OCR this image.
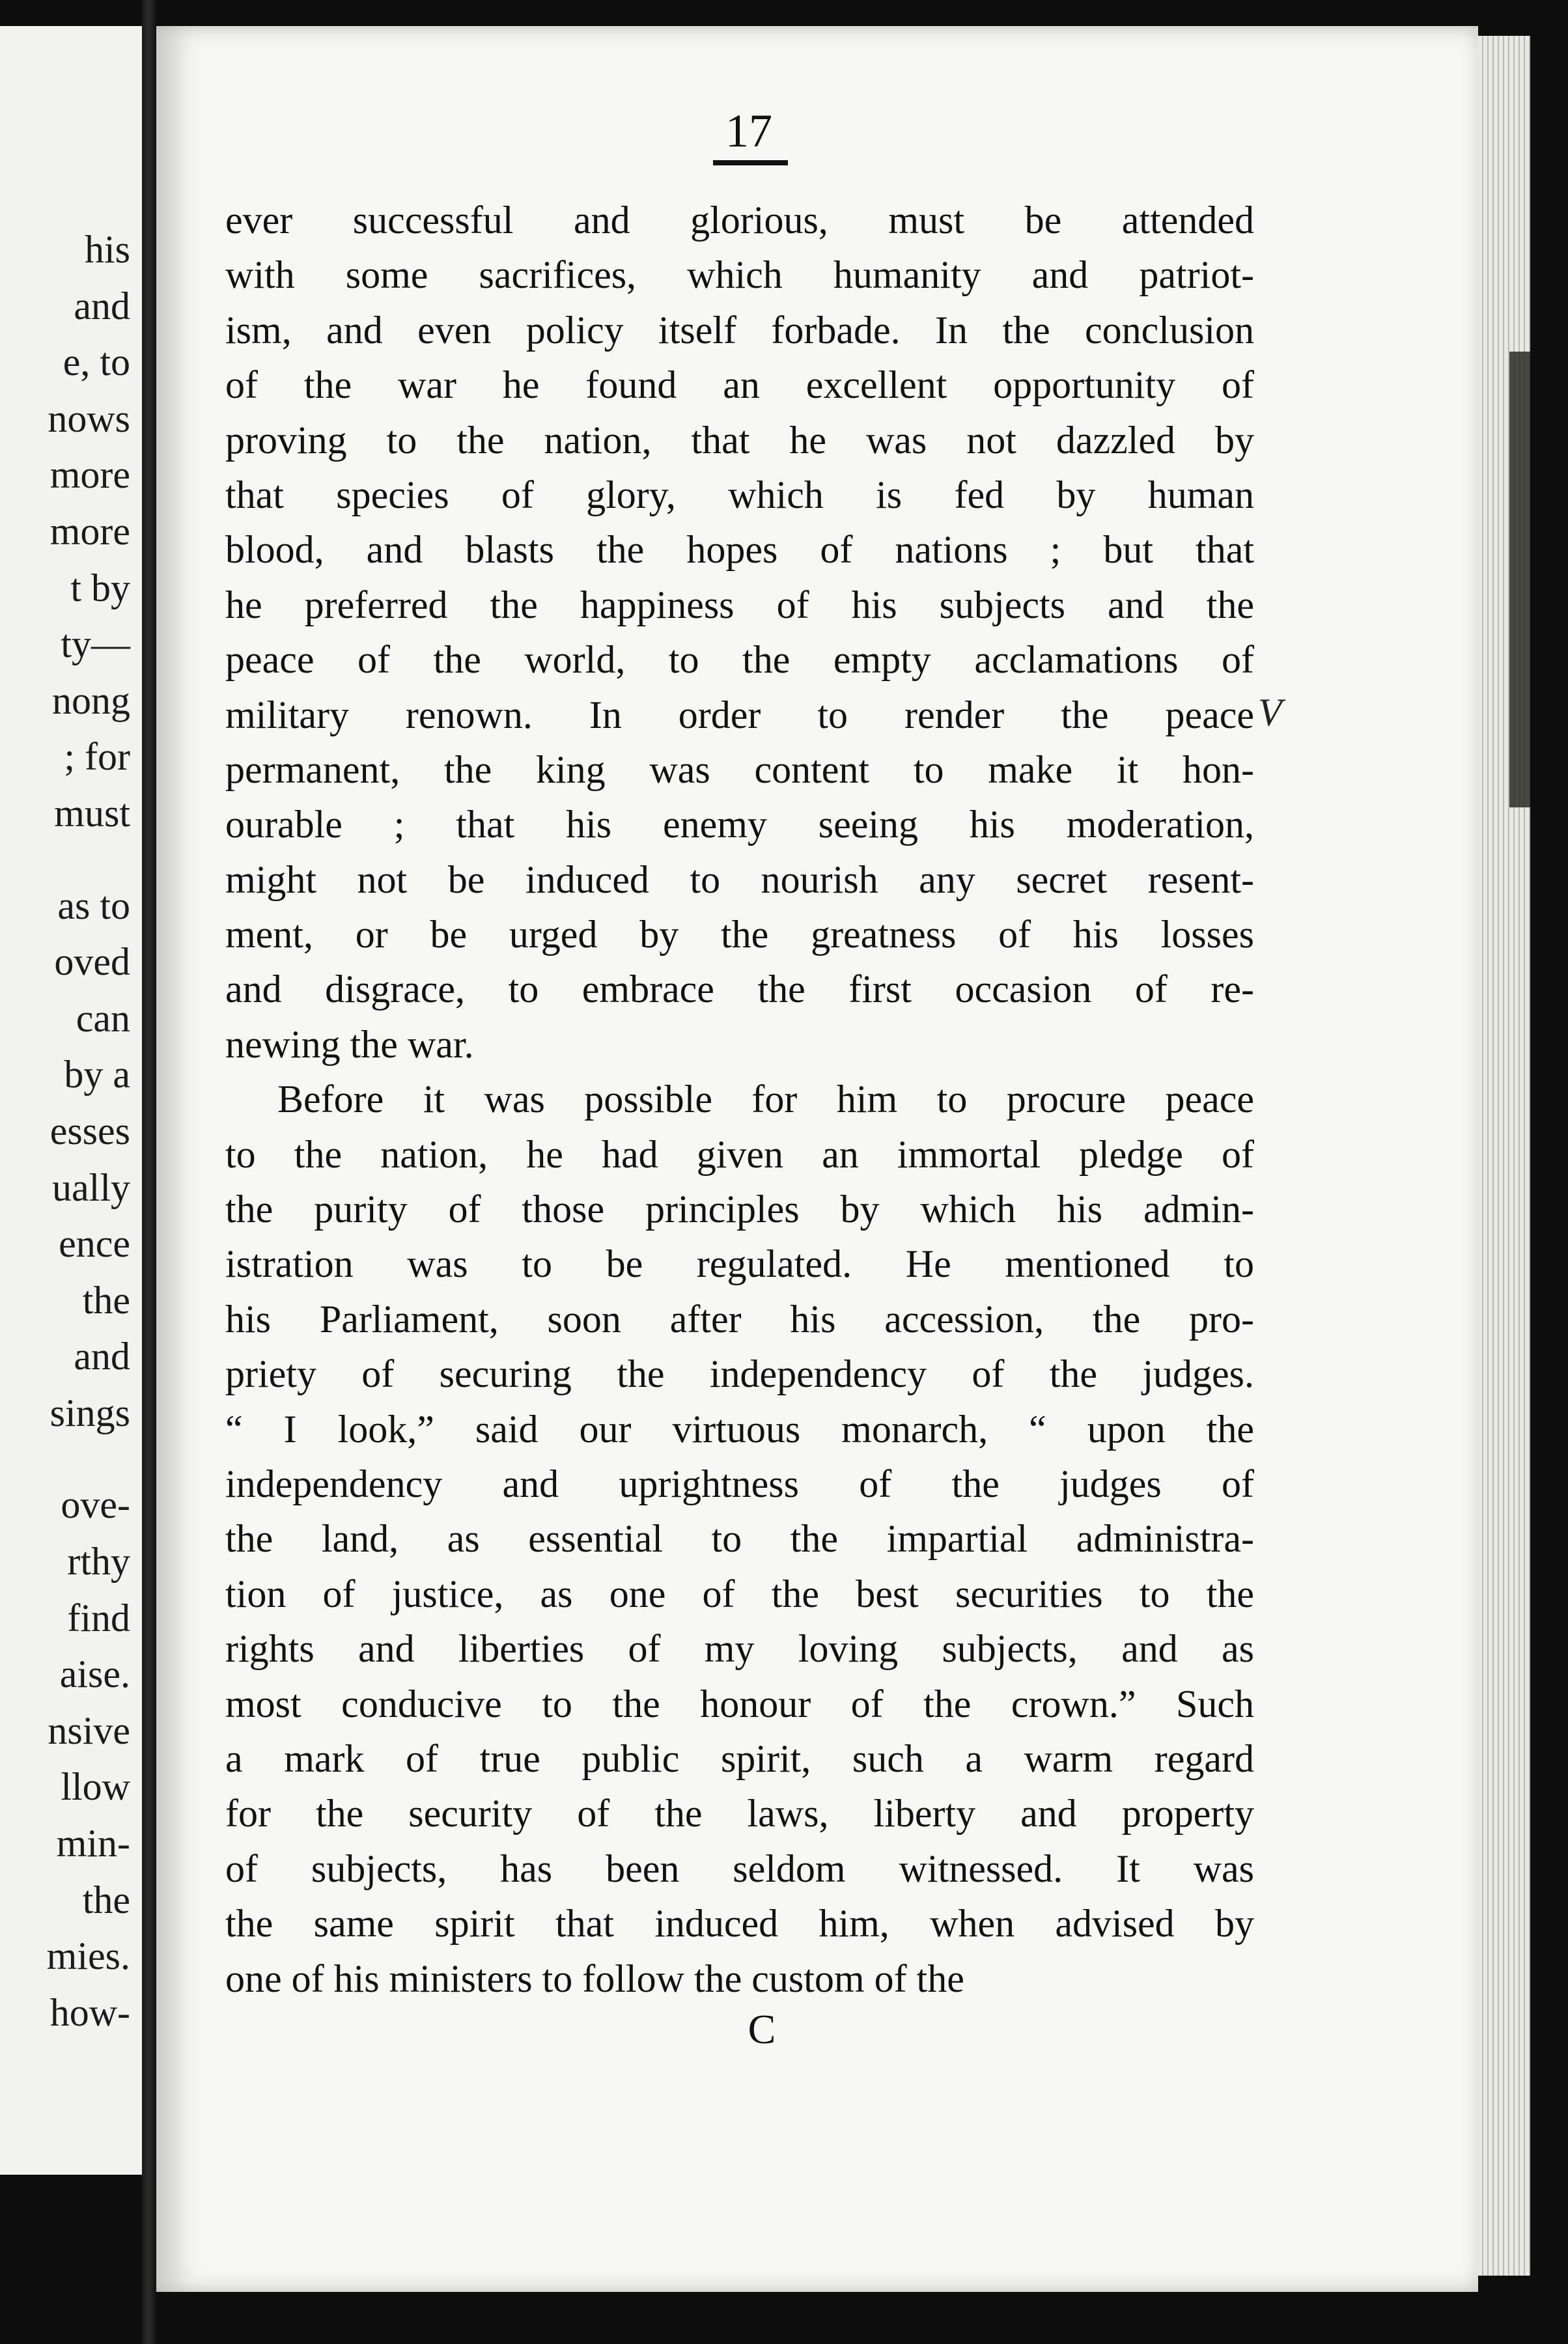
his
and
e, to
nows
more
more
t by
ty—
nong
; for
must
as to
oved
can
by a
esses
ually
ence
the
and
sings
ove-
rthy
find
aise.
nsive
llow
min-
the
mies.
how-
17
ever successful and glorious, must be attended
with some sacrifices, which humanity and patriot-
ism, and even policy itself forbade. In the conclusion
of the war he found an excellent opportunity of
proving to the nation, that he was not dazzled by
that species of glory, which is fed by human
blood, and blasts the hopes of nations ; but that
he preferred the happiness of his subjects and the
peace of the world, to the empty acclamations of
military renown. In order to render the peace
permanent, the king was content to make it hon-
ourable ; that his enemy seeing his moderation,
might not be induced to nourish any secret resent-
ment, or be urged by the greatness of his losses
and disgrace, to embrace the first occasion of re-
newing the war.
Before it was possible for him to procure peace
to the nation, he had given an immortal pledge of
the purity of those principles by which his admin-
istration was to be regulated. He mentioned to
his Parliament, soon after his accession, the pro-
priety of securing the independency of the judges.
“ I look,” said our virtuous monarch, “ upon the
independency and uprightness of the judges of
the land, as essential to the impartial administra-
tion of justice, as one of the best securities to the
rights and liberties of my loving subjects, and as
most conducive to the honour of the crown.” Such
a mark of true public spirit, such a warm regard
for the security of the laws, liberty and property
of subjects, has been seldom witnessed. It was
the same spirit that induced him, when advised by
one of his ministers to follow the custom of the
V
C
